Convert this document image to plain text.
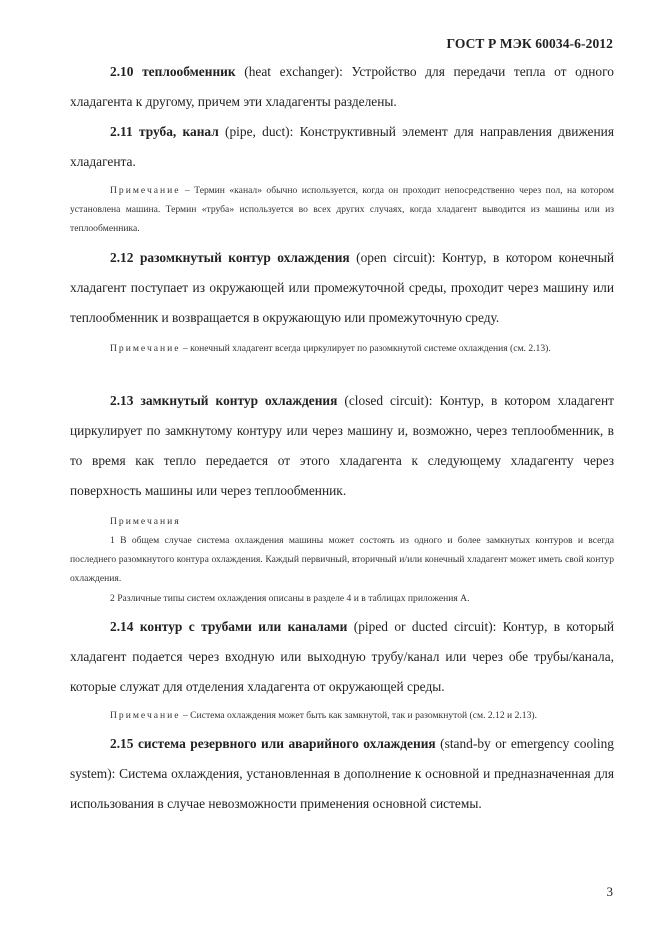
ГОСТ Р МЭК 60034-6-2012
2.10 теплообменник (heat exchanger): Устройство для передачи тепла от одного хладагента к другому, причем эти хладагенты разделены.
2.11 труба, канал (pipe, duct): Конструктивный элемент для направления движения хладагента.
Примечание – Термин «канал» обычно используется, когда он проходит непосредственно через пол, на котором установлена машина. Термин «труба» используется во всех других случаях, когда хладагент выводится из машины или из теплообменника.
2.12 разомкнутый контур охлаждения (open circuit): Контур, в котором конечный хладагент поступает из окружающей или промежуточной среды, проходит через машину или теплообменник и возвращается в окружающую или промежуточную среду.
Примечание – конечный хладагент всегда циркулирует по разомкнутой системе охлаждения (см. 2.13).
2.13 замкнутый контур охлаждения (closed circuit): Контур, в котором хладагент циркулирует по замкнутому контуру или через машину и, возможно, через теплообменник, в то время как тепло передается от этого хладагента к следующему хладагенту через поверхность машины или через теплообменник.
Примечания
1 В общем случае система охлаждения машины может состоять из одного и более замкнутых контуров и всегда последнего разомкнутого контура охлаждения. Каждый первичный, вторичный и/или конечный хладагент может иметь свой контур охлаждения.
2 Различные типы систем охлаждения описаны в разделе 4 и в таблицах приложения А.
2.14 контур с трубами или каналами (piped or ducted circuit): Контур, в который хладагент подается через входную или выходную трубу/канал или через обе трубы/канала, которые служат для отделения хладагента от окружающей среды.
Примечание – Система охлаждения может быть как замкнутой, так и разомкнутой (см. 2.12 и 2.13).
2.15 система резервного или аварийного охлаждения (stand-by or emergency cooling system): Система охлаждения, установленная в дополнение к основной и предназначенная для использования в случае невозможности применения основной системы.
3
